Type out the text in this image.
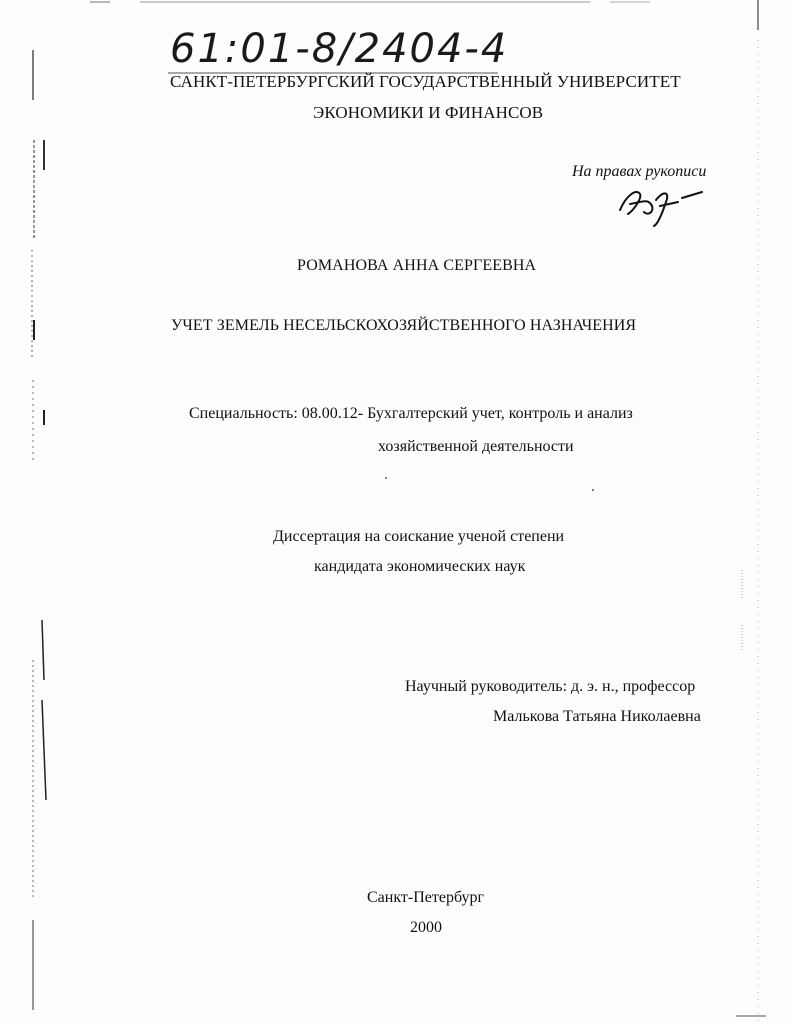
61:01-8/2404-4
САНКТ-ПЕТЕРБУРГСКИЙ ГОСУДАРСТВЕННЫЙ УНИВЕРСИТЕТ
ЭКОНОМИКИ И ФИНАНСОВ
На правах рукописи
РОМАНОВА АННА СЕРГЕЕВНА
УЧЕТ ЗЕМЕЛЬ НЕСЕЛЬСКОХОЗЯЙСТВЕННОГО НАЗНАЧЕНИЯ
Специальность: 08.00.12- Бухгалтерский учет, контроль и анализ
хозяйственной деятельности
Диссертация на соискание ученой степени
кандидата экономических наук
Научный руководитель: д. э. н., профессор
Малькова Татьяна Николаевна
Санкт-Петербург
2000
